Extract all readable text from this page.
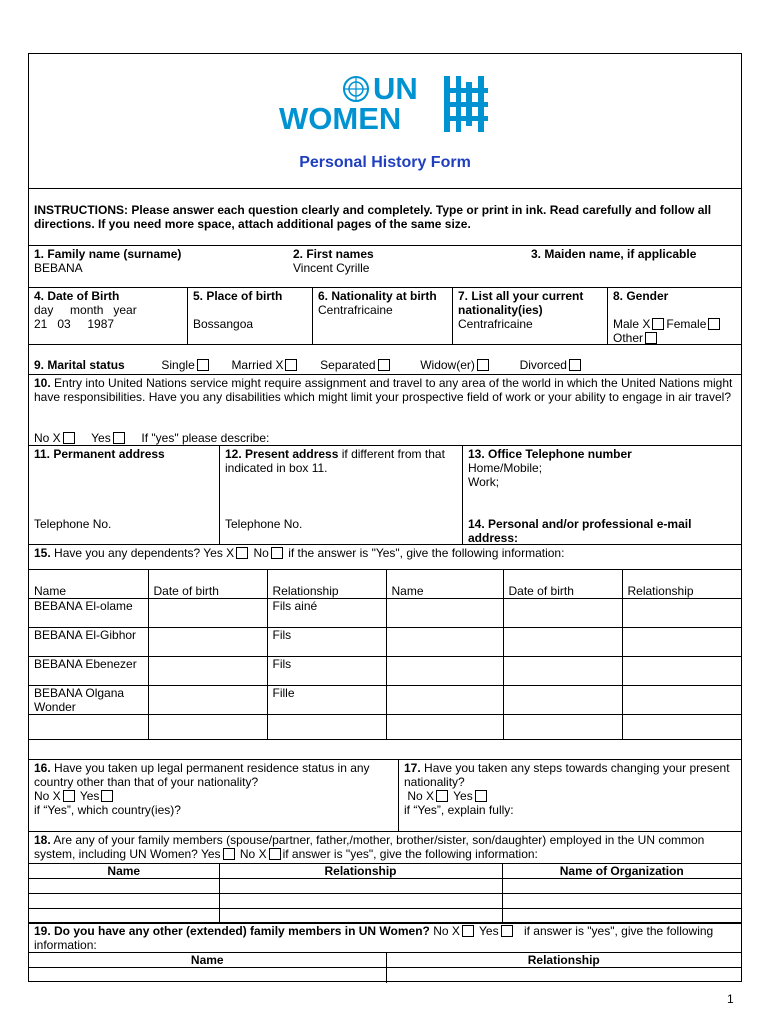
UN
WOMEN
Personal History Form
INSTRUCTIONS: Please answer each question clearly and completely. Type or print in ink. Read carefully and follow all directions. If you need more space, attach additional pages of the same size.
1. Family name (surname)
BEBANA
2. First names
Vincent Cyrille
3. Maiden name, if applicable
4. Date of Birth
day     month   year
21   03     1987
5. Place of birth
Bossangoa
6. Nationality at birth
Centrafricaine
7. List all your current nationality(ies)
Centrafricaine
8. Gender
Male X Female
Other
9. Marital status	Single	Married X	Separated	Widow(er)	Divorced
10. Entry into United Nations service might require assignment and travel to any area of the world in which the United Nations might have responsibilities. Have you any disabilities which might limit your prospective field of work or your ability to engage in air travel?
No X	Yes	If "yes" please describe:
11. Permanent address
Telephone No.
12. Present address if different from that indicated in box 11.
Telephone No.
13. Office Telephone number
Home/Mobile;
Work;
14. Personal and/or professional e-mail address:
15. Have you any dependents? Yes X No if the answer is "Yes", give the following information:
Name	Date of birth	Relationship	Name	Date of birth	Relationship
BEBANA El-olame		Fils ainé			
BEBANA El-Gibhor		Fils			
BEBANA Ebenezer		Fils			
BEBANA Olgana Wonder		Fille			

16. Have you taken up legal permanent residence status in any country other than that of your nationality?
No X Yes
if “Yes”, which country(ies)?
17. Have you taken any steps towards changing your present nationality?
No X Yes
if “Yes”, explain fully:
18. Are any of your family members (spouse/partner, father,/mother, brother/sister, son/daughter) employed in the UN common system, including UN Women? Yes No X if answer is "yes", give the following information:
Name	Relationship	Name of Organization

19. Do you have any other (extended) family members in UN Women? No X Yes if answer is "yes", give the following information:
Name	Relationship

1
